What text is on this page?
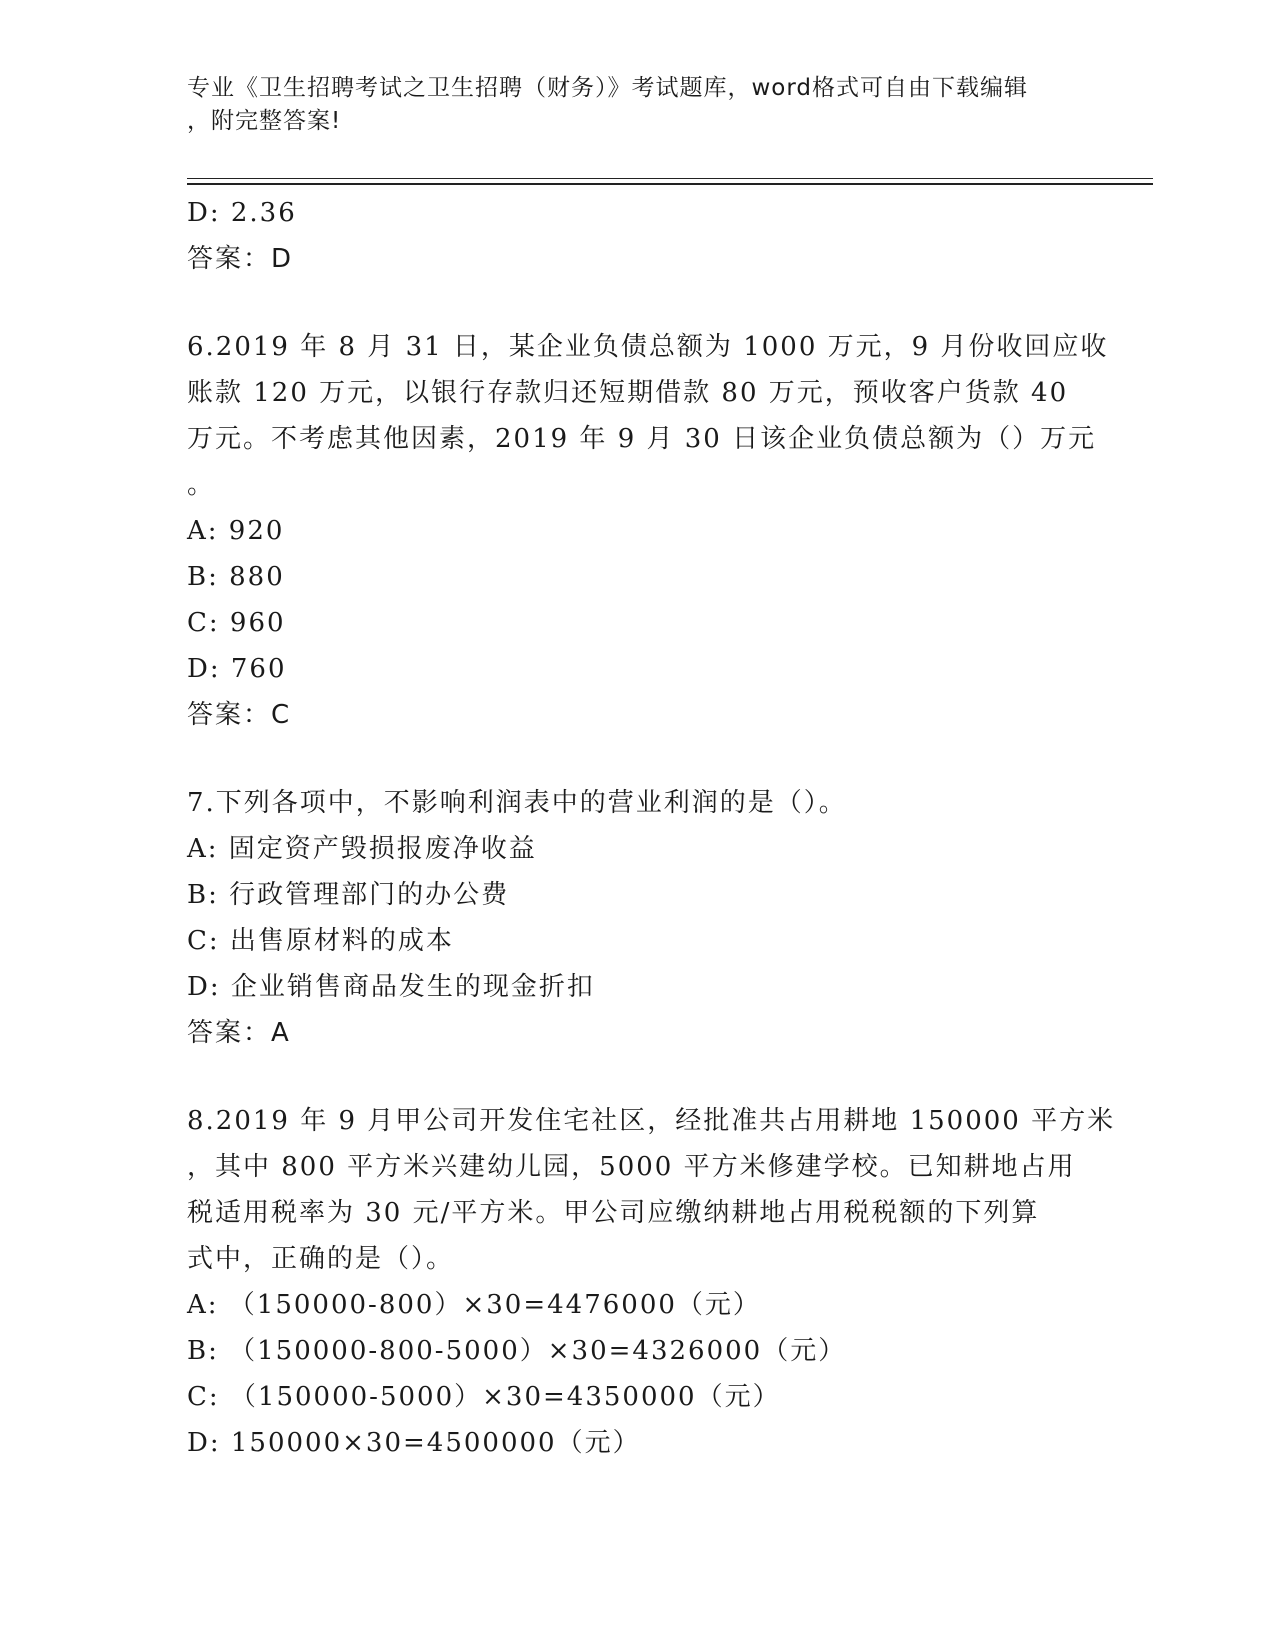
专业《卫生招聘考试之卫生招聘（财务）》考试题库，word格式可自由下载编辑
，附完整答案!
D: 2.36
答案：D
6.2019 年 8 月 31 日，某企业负债总额为 1000 万元，9 月份收回应收
账款 120 万元，以银行存款归还短期借款 80 万元，预收客户货款 40
万元。不考虑其他因素，2019 年 9 月 30 日该企业负债总额为（）万元
。
A: 920
B: 880
C: 960
D: 760
答案：C
7.下列各项中，不影响利润表中的营业利润的是（）。
A: 固定资产毁损报废净收益
B: 行政管理部门的办公费
C: 出售原材料的成本
D: 企业销售商品发生的现金折扣
答案：A
8.2019 年 9 月甲公司开发住宅社区，经批准共占用耕地 150000 平方米
，其中 800 平方米兴建幼儿园，5000 平方米修建学校。已知耕地占用
税适用税率为 30 元/平方米。甲公司应缴纳耕地占用税税额的下列算
式中，正确的是（）。
A: （150000-800）×30=4476000（元）
B: （150000-800-5000）×30=4326000（元）
C: （150000-5000）×30=4350000（元）
D: 150000×30=4500000（元）
